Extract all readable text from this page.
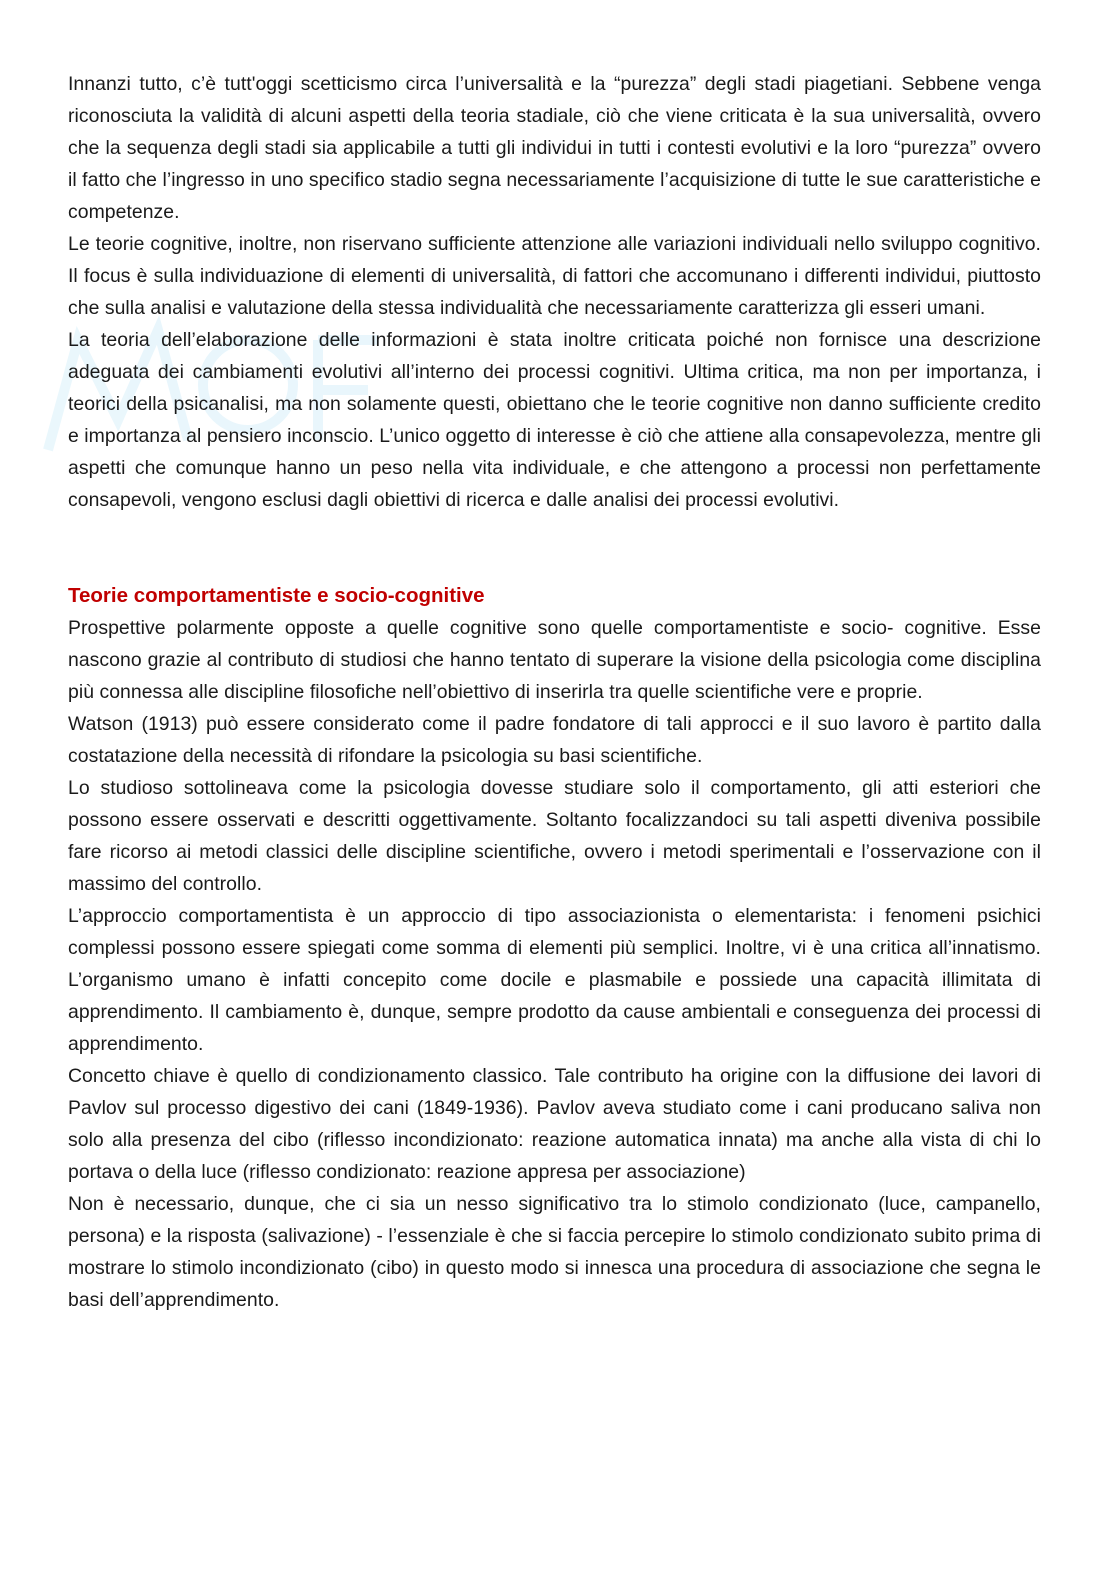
Innanzi tutto, c’è tutt'oggi scetticismo circa l’universalità e la “purezza” degli stadi piagetiani. Sebbene venga riconosciuta la validità di alcuni aspetti della teoria stadiale, ciò che viene criticata è la sua universalità, ovvero che la sequenza degli stadi sia applicabile a tutti gli individui in tutti i contesti evolutivi e la loro “purezza” ovvero il fatto che l’ingresso in uno specifico stadio segna necessariamente l’acquisizione di tutte le sue caratteristiche e competenze.

Le teorie cognitive, inoltre, non riservano sufficiente attenzione alle variazioni individuali nello sviluppo cognitivo. Il focus è sulla individuazione di elementi di universalità, di fattori che accomunano i differenti individui, piuttosto che sulla analisi e valutazione della stessa individualità che necessariamente caratterizza gli esseri umani.

La teoria dell’elaborazione delle informazioni è stata inoltre criticata poiché non fornisce una descrizione adeguata dei cambiamenti evolutivi all’interno dei processi cognitivi. Ultima critica, ma non per importanza, i teorici della psicanalisi, ma non solamente questi, obiettano che le teorie cognitive non danno sufficiente credito e importanza al pensiero inconscio. L’unico oggetto di interesse è ciò che attiene alla consapevolezza, mentre gli aspetti che comunque hanno un peso nella vita individuale, e che attengono a processi non perfettamente consapevoli, vengono esclusi dagli obiettivi di ricerca e dalle analisi dei processi evolutivi.

Teorie comportamentiste e socio-cognitive

Prospettive polarmente opposte a quelle cognitive sono quelle comportamentiste e socio- cognitive. Esse nascono grazie al contributo di studiosi che hanno tentato di superare la visione della psicologia come disciplina più connessa alle discipline filosofiche nell’obiettivo di inserirla tra quelle scientifiche vere e proprie.

Watson (1913) può essere considerato come il padre fondatore di tali approcci e il suo lavoro è partito dalla costatazione della necessità di rifondare la psicologia su basi scientifiche.

Lo studioso sottolineava come la psicologia dovesse studiare solo il comportamento, gli atti esteriori che possono essere osservati e descritti oggettivamente. Soltanto focalizzandoci su tali aspetti diveniva possibile fare ricorso ai metodi classici delle discipline scientifiche, ovvero i metodi sperimentali e l’osservazione con il massimo del controllo.

L’approccio comportamentista è un approccio di tipo associazionista o elementarista: i fenomeni psichici complessi possono essere spiegati come somma di elementi più semplici. Inoltre, vi è una critica all’innatismo. L’organismo umano è infatti concepito come docile e plasmabile e possiede una capacità illimitata di apprendimento. Il cambiamento è, dunque, sempre prodotto da cause ambientali e conseguenza dei processi di apprendimento.

Concetto chiave è quello di condizionamento classico. Tale contributo ha origine con la diffusione dei lavori di Pavlov sul processo digestivo dei cani (1849-1936). Pavlov aveva studiato come i cani producano saliva non solo alla presenza del cibo (riflesso incondizionato: reazione automatica innata) ma anche alla vista di chi lo portava o della luce (riflesso condizionato: reazione appresa per associazione)

Non è necessario, dunque, che ci sia un nesso significativo tra lo stimolo condizionato (luce, campanello, persona) e la risposta (salivazione) - l’essenziale è che si faccia percepire lo stimolo condizionato subito prima di mostrare lo stimolo incondizionato (cibo) in questo modo si innesca una procedura di associazione che segna le basi dell’apprendimento.
